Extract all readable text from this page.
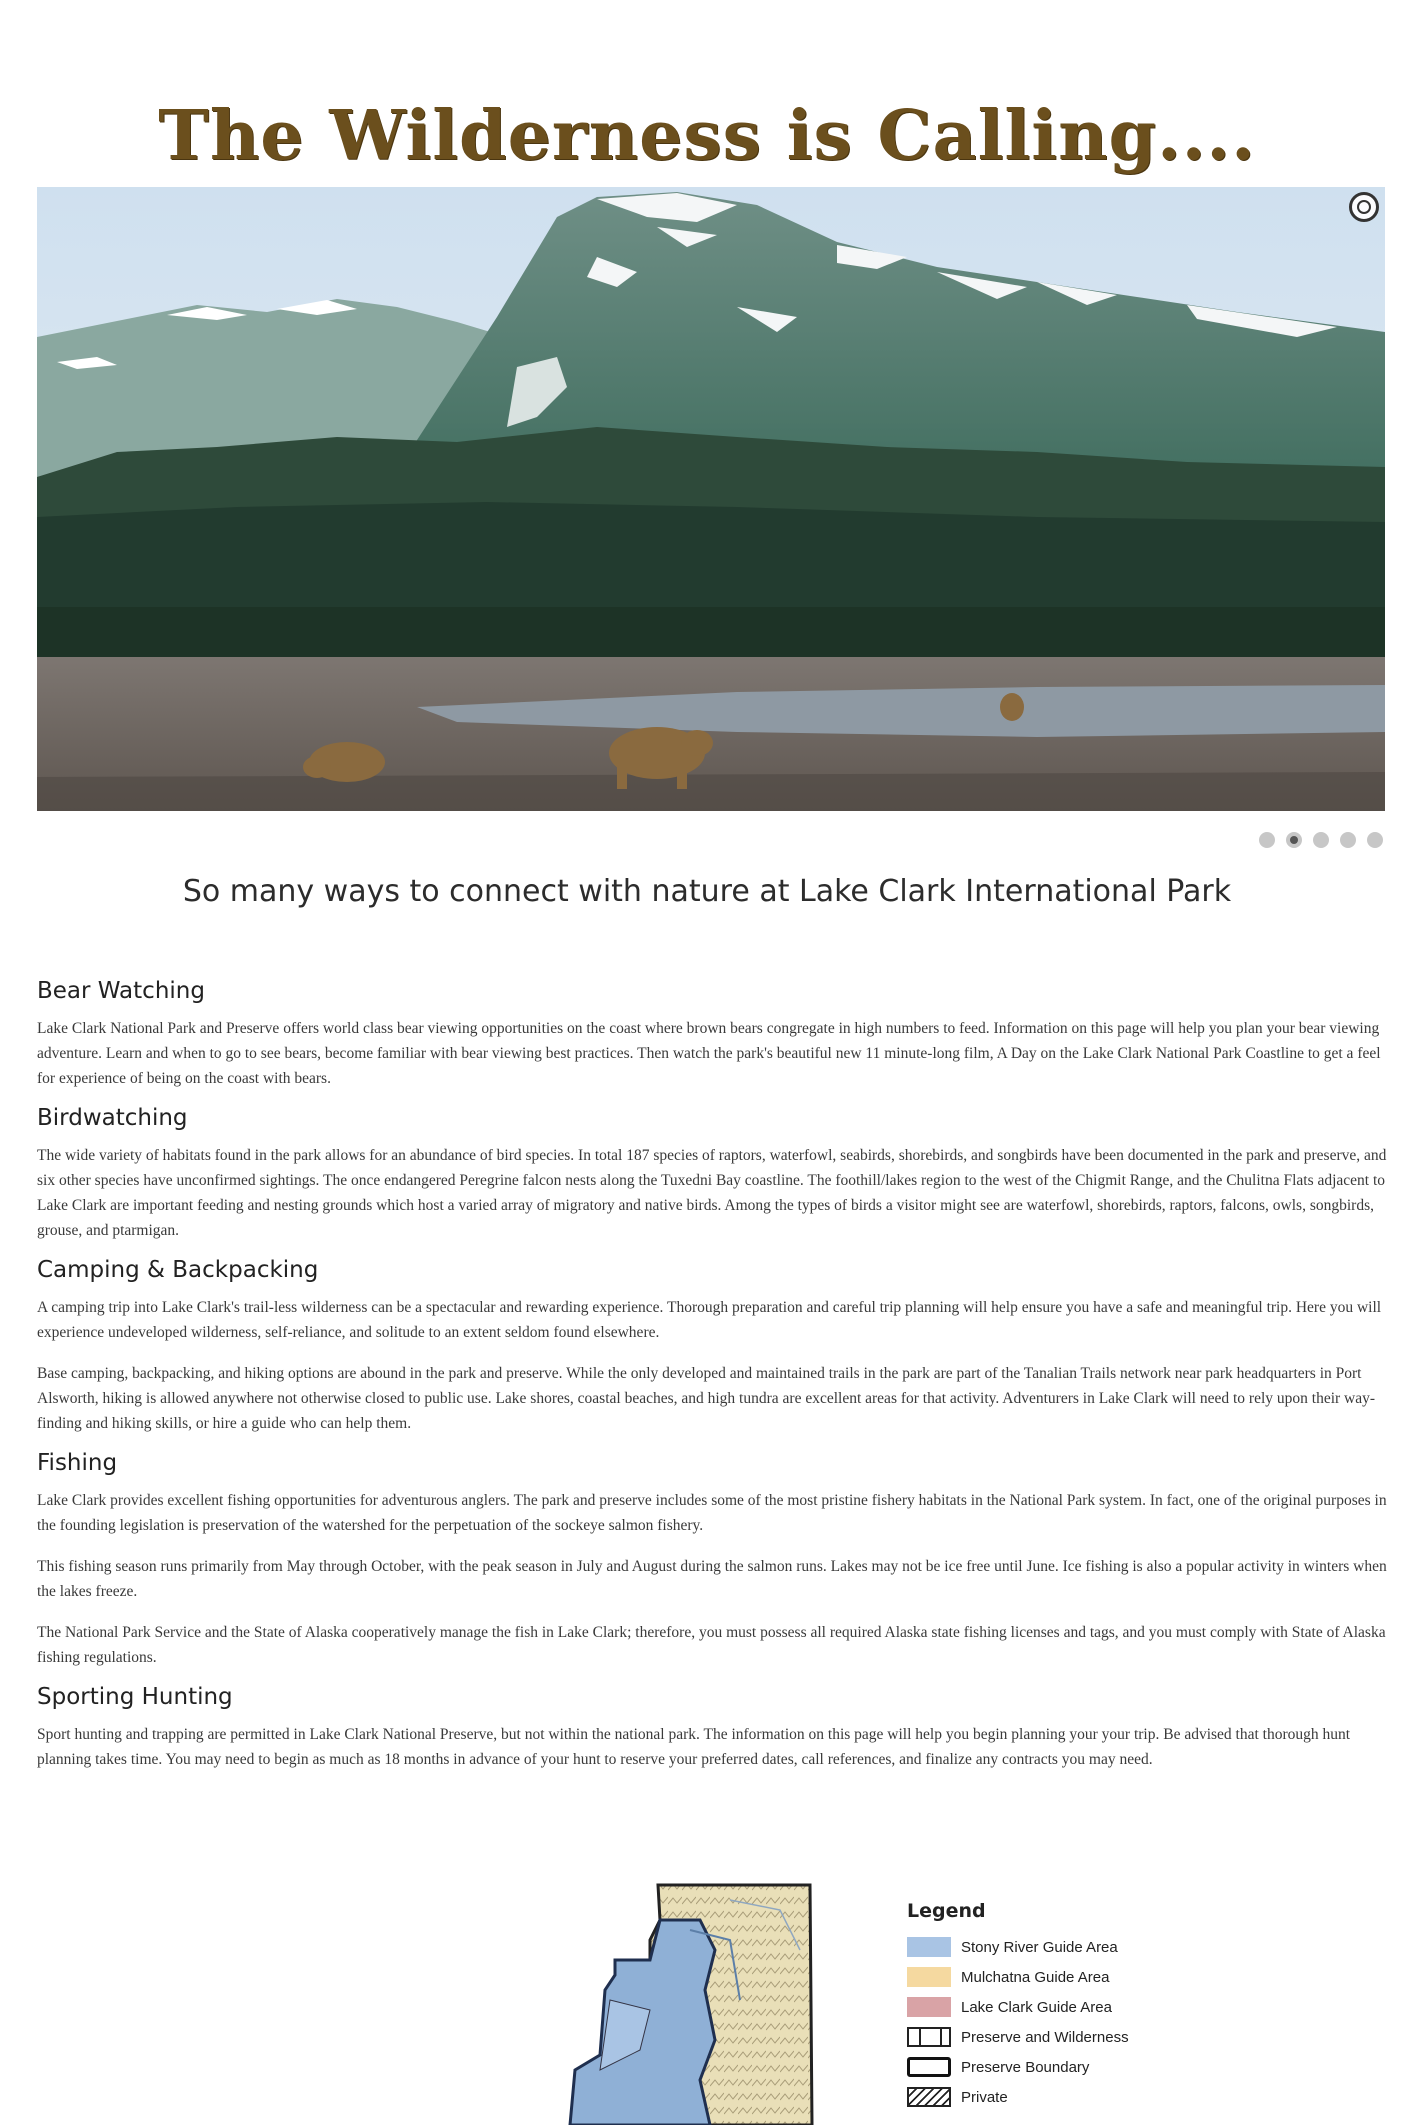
The Wilderness is Calling....
So many ways to connect with nature at Lake Clark International Park
Bear Watching

Lake Clark National Park and Preserve offers world class bear viewing opportunities on the coast where brown bears congregate in high numbers to feed. Information on this page will help you plan your bear viewing adventure. Learn and when to go to see bears, become familiar with bear viewing best practices. Then watch the park's beautiful new 11 minute-long film, A Day on the Lake Clark National Park Coastline to get a feel for experience of being on the coast with bears.

Birdwatching

The wide variety of habitats found in the park allows for an abundance of bird species. In total 187 species of raptors, waterfowl, seabirds, shorebirds, and songbirds have been documented in the park and preserve, and six other species have unconfirmed sightings. The once endangered Peregrine falcon nests along the Tuxedni Bay coastline. The foothill/lakes region to the west of the Chigmit Range, and the Chulitna Flats adjacent to Lake Clark are important feeding and nesting grounds which host a varied array of migratory and native birds. Among the types of birds a visitor might see are waterfowl, shorebirds, raptors, falcons, owls, songbirds, grouse, and ptarmigan.

Camping & Backpacking

A camping trip into Lake Clark's trail-less wilderness can be a spectacular and rewarding experience. Thorough preparation and careful trip planning will help ensure you have a safe and meaningful trip. Here you will experience undeveloped wilderness, self-reliance, and solitude to an extent seldom found elsewhere.

Base camping, backpacking, and hiking options are abound in the park and preserve. While the only developed and maintained trails in the park are part of the Tanalian Trails network near park headquarters in Port Alsworth, hiking is allowed anywhere not otherwise closed to public use. Lake shores, coastal beaches, and high tundra are excellent areas for that activity. Adventurers in Lake Clark will need to rely upon their way-finding and hiking skills, or hire a guide who can help them.

Fishing

Lake Clark provides excellent fishing opportunities for adventurous anglers. The park and preserve includes some of the most pristine fishery habitats in the National Park system. In fact, one of the original purposes in the founding legislation is preservation of the watershed for the perpetuation of the sockeye salmon fishery.

This fishing season runs primarily from May through October, with the peak season in July and August during the salmon runs. Lakes may not be ice free until June. Ice fishing is also a popular activity in winters when the lakes freeze.

The National Park Service and the State of Alaska cooperatively manage the fish in Lake Clark; therefore, you must possess all required Alaska state fishing licenses and tags, and you must comply with State of Alaska fishing regulations.

Sporting Hunting

Sport hunting and trapping are permitted in Lake Clark National Preserve, but not within the national park. The information on this page will help you begin planning your your trip. Be advised that thorough hunt planning takes time. You may need to begin as much as 18 months in advance of your hunt to reserve your preferred dates, call references, and finalize any contracts you may need.

Legend
Stony River Guide Area
Mulchatna Guide Area
Lake Clark Guide Area
Preserve and Wilderness
Preserve Boundary
Private
